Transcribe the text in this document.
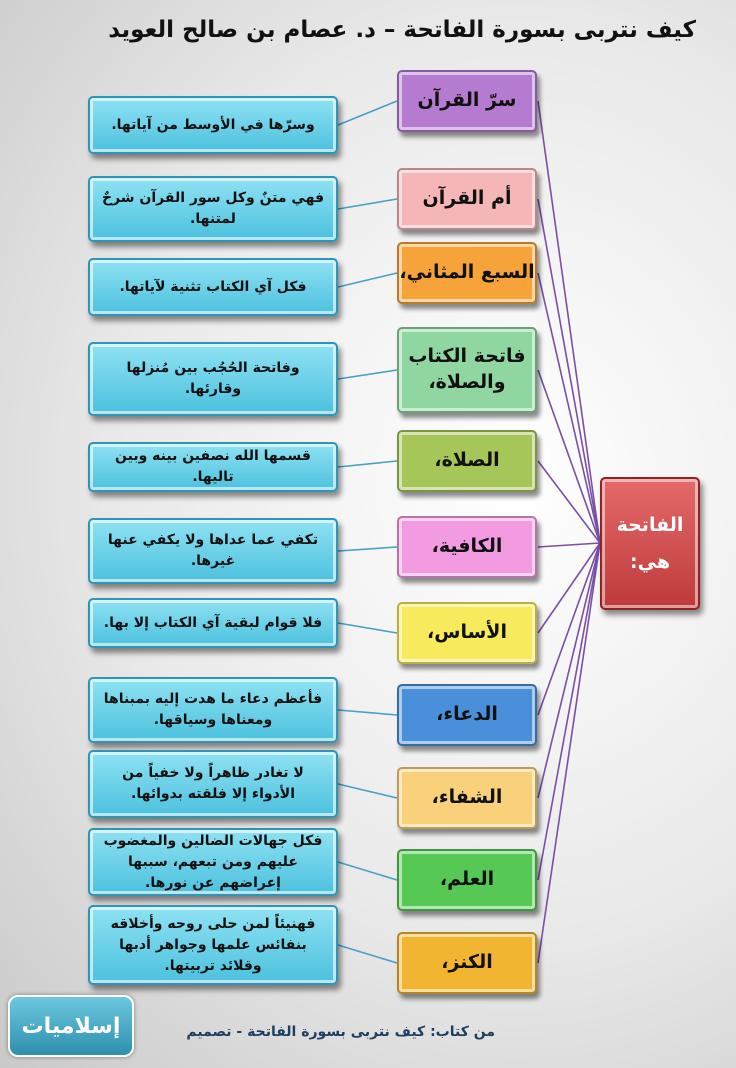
كيف نتربى بسورة الفاتحة – د. عصام بن صالح العويد
سرّ القرآن
وسرّها في الأوسط من آياتها.
أم القرآن
فهي متنٌ وكل سور القرآن شرحٌ لمتنها.
السبع المثاني،
فكل آي الكتاب تثنية لآياتها.
فاتحة الكتاب والصلاة،
وفاتحة الحُجُب بين مُنزلها وقارئها.
الصلاة،
قسمها الله نصفين بينه وبين تاليها.
الكافية،
تكفي عما عداها ولا يكفي عنها غيرها.
الأساس،
فلا قوام لبقية آي الكتاب إلا بها.
الدعاء،
فأعظم دعاء ما هدت إليه بمبناها ومعناها وسياقها.
الشفاء،
لا تغادر ظاهراً ولا خفياً من الأدواء إلا فلقته بدوائها.
العلم،
فكل جهالات الضالين والمغضوب عليهم ومن تبعهم، سببها إعراضهم عن نورها.
الكنز،
فهنيئاً لمن حلى روحه وأخلاقه بنفائس علمها وجواهر أدبها وقلائد تربيتها.
الفاتحة
هي:
إسلاميات	من كتاب: كيف نتربى بسورة الفاتحة - تصميم
